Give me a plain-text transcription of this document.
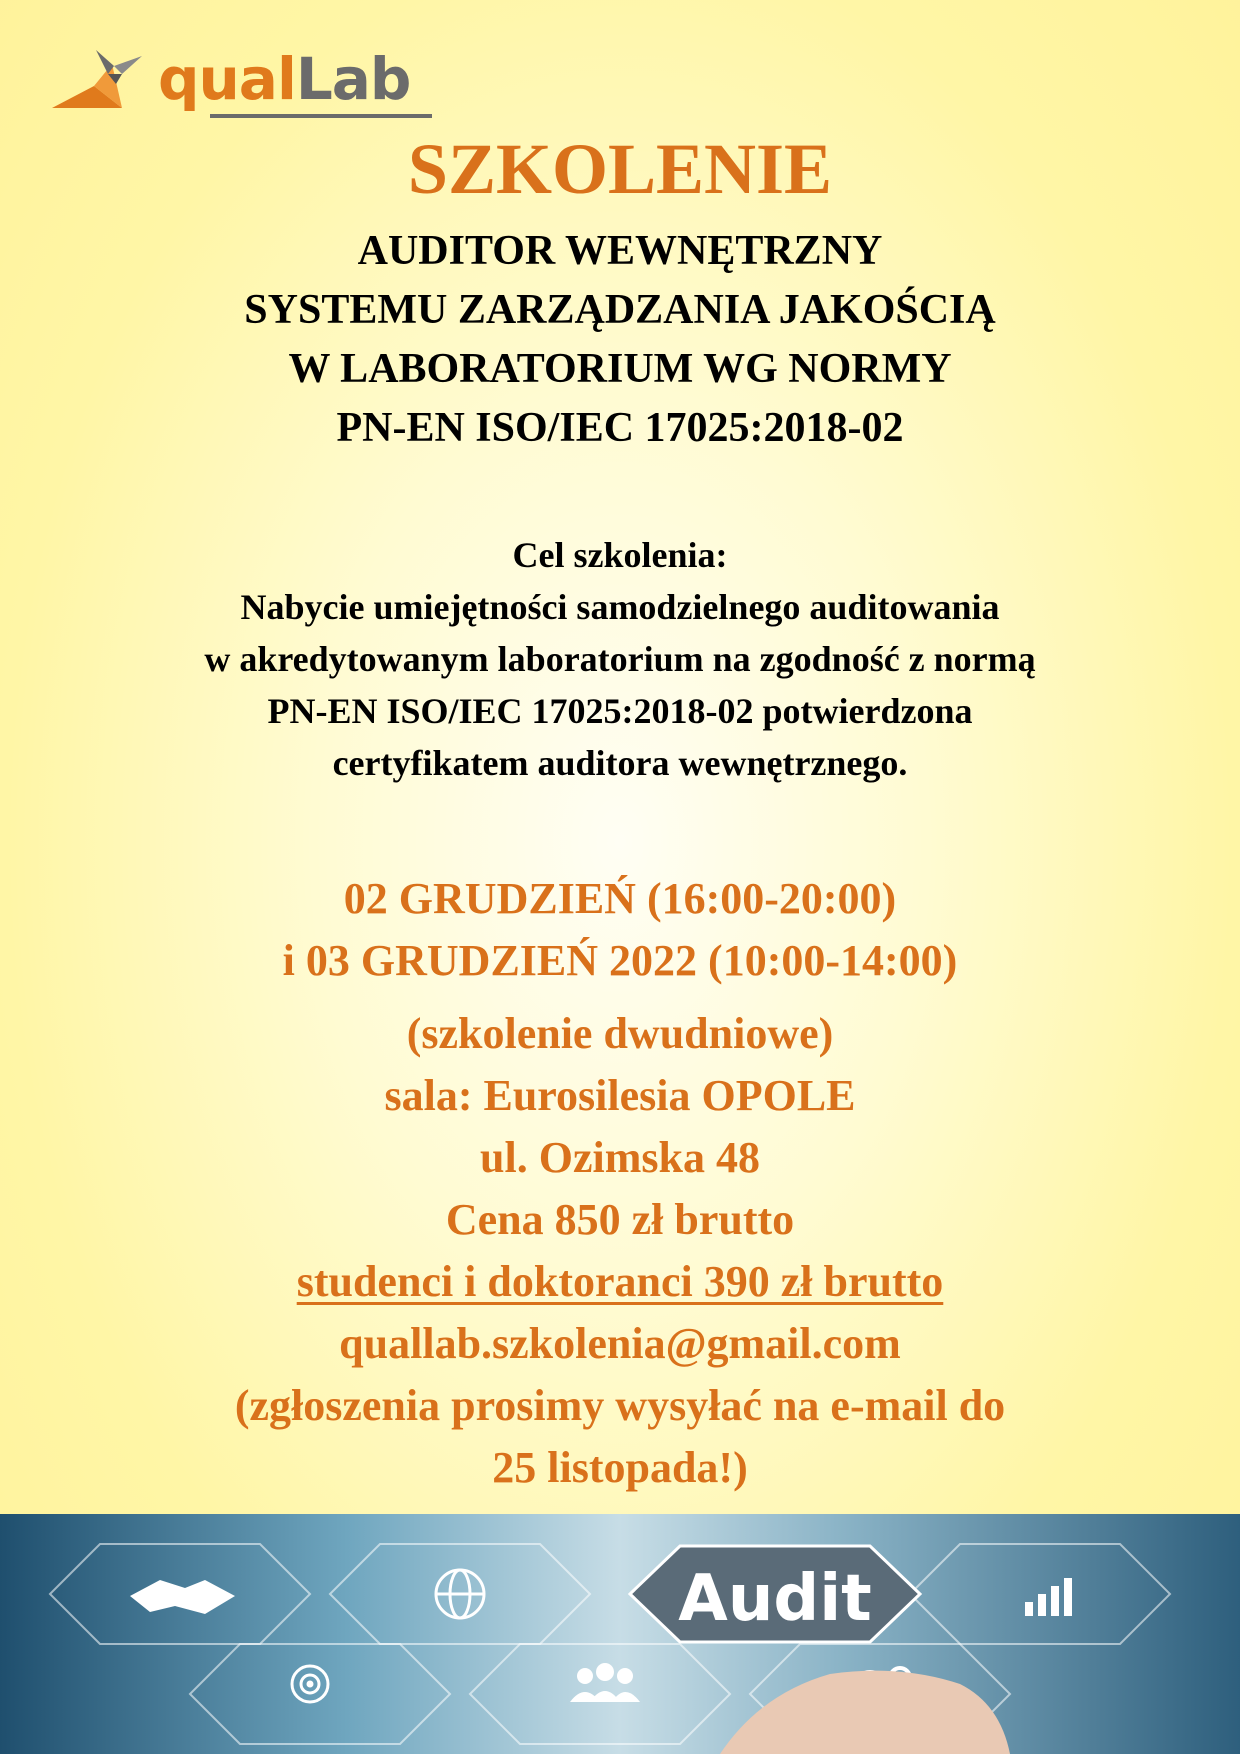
qualLab
SZKOLENIE
AUDITOR WEWNĘTRZNY
SYSTEMU ZARZĄDZANIA JAKOŚCIĄ
W LABORATORIUM WG NORMY
PN-EN ISO/IEC 17025:2018-02
Cel szkolenia:
Nabycie umiejętności samodzielnego auditowania
w akredytowanym laboratorium na zgodność z normą
PN-EN ISO/IEC 17025:2018-02 potwierdzona
certyfikatem auditora wewnętrznego.
02 GRUDZIEŃ (16:00-20:00)
i 03 GRUDZIEŃ 2022 (10:00-14:00)
(szkolenie dwudniowe)
sala: Eurosilesia OPOLE
ul. Ozimska 48
Cena 850 zł brutto
studenci i doktoranci 390 zł brutto
quallab.szkolenia@gmail.com
(zgłoszenia prosimy wysyłać na e-mail do
25 listopada!)
Audit
